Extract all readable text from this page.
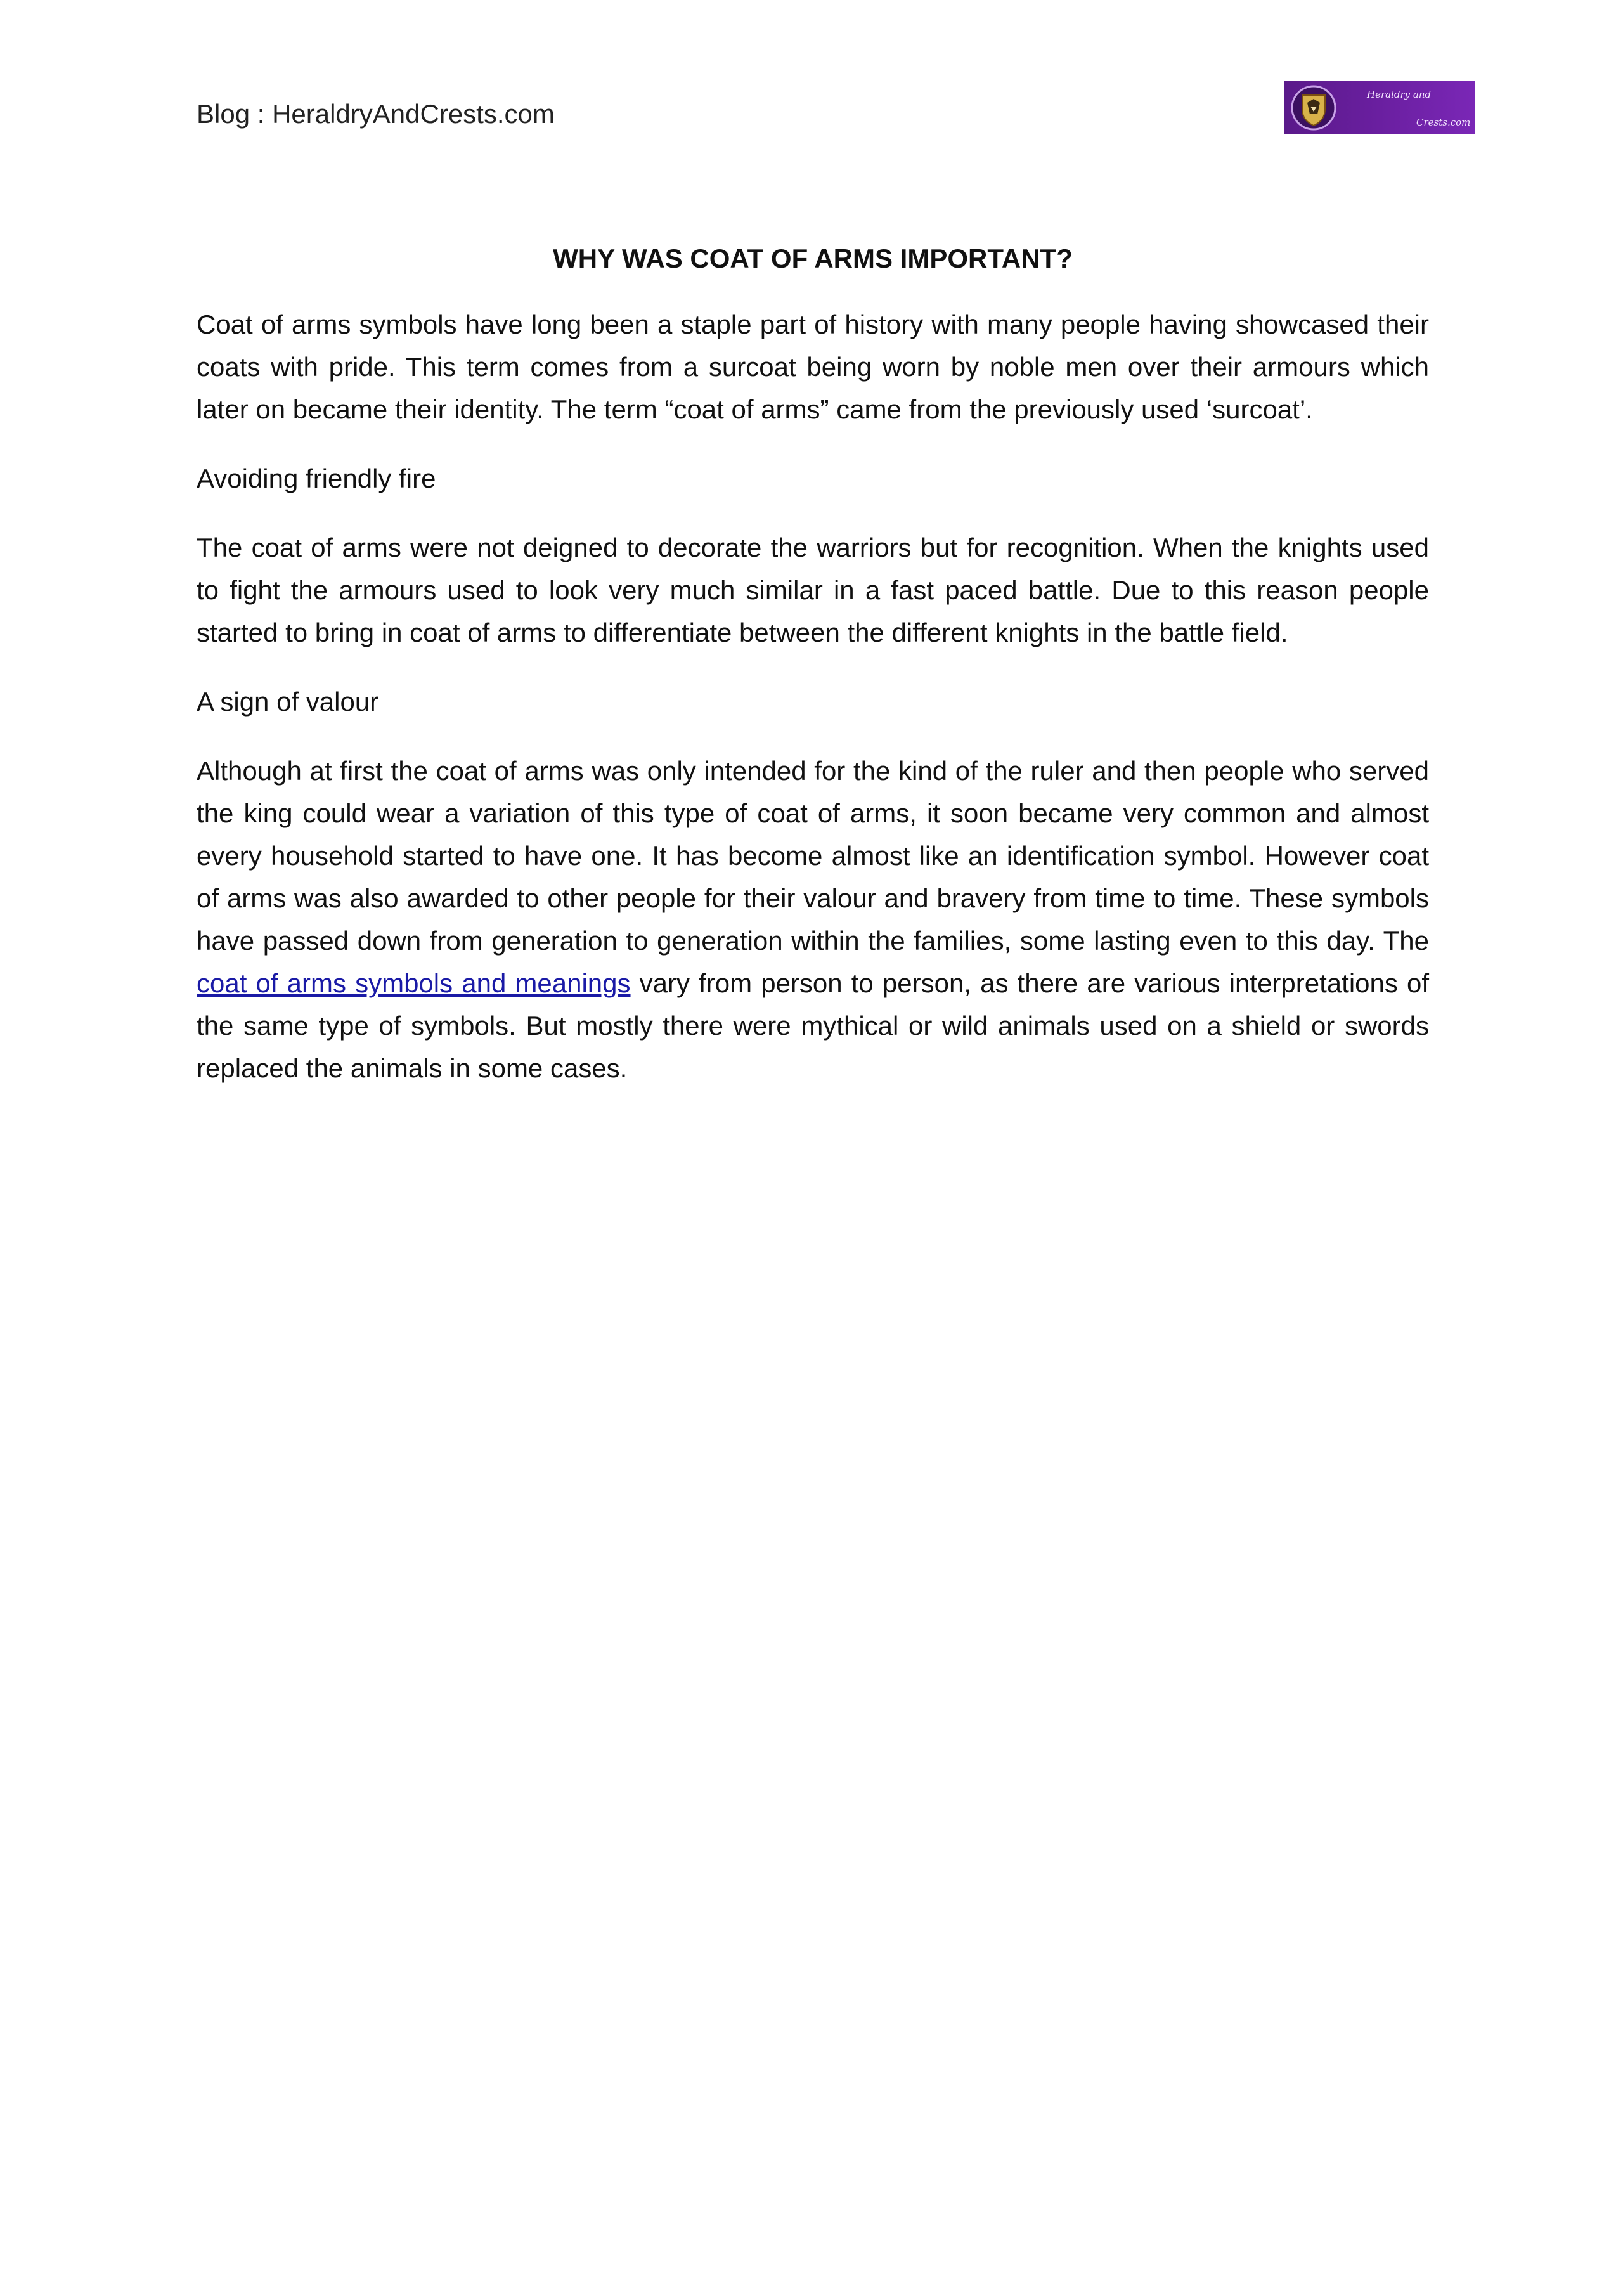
Blog : HeraldryAndCrests.com
Heraldry and
Crests.com
WHY WAS COAT OF ARMS IMPORTANT?

Coat of arms symbols have long been a staple part of history with many people having showcased their coats with pride. This term comes from a surcoat being worn by noble men over their armours which later on became their identity. The term “coat of arms” came from the previously used ‘surcoat’.

Avoiding friendly fire

The coat of arms were not deigned to decorate the warriors but for recognition. When the knights used to fight the armours used to look very much similar in a fast paced battle. Due to this reason people started to bring in coat of arms to differentiate between the different knights in the battle field.

A sign of valour

Although at first the coat of arms was only intended for the kind of the ruler and then people who served the king could wear a variation of this type of coat of arms, it soon became very common and almost every household started to have one. It has become almost like an identification symbol. However coat of arms was also awarded to other people for their valour and bravery from time to time. These symbols have passed down from generation to generation within the families, some lasting even to this day. The coat of arms symbols and meanings vary from person to person, as there are various interpretations of the same type of symbols. But mostly there were mythical or wild animals used on a shield or swords replaced the animals in some cases.
